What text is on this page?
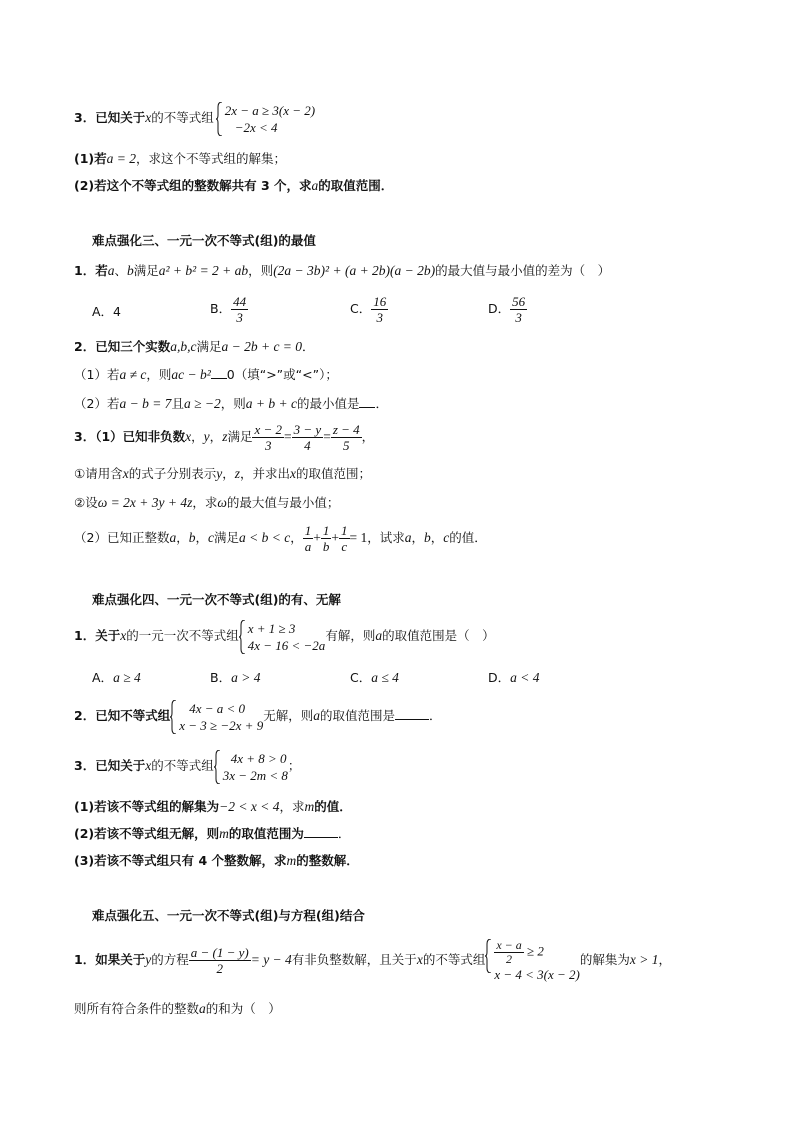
3．已知关于x的不等式组 2x − a ≥ 3(x − 2)
−2x < 4
(1)若a = 2，求这个不等式组的解集；
(2)若这个不等式组的整数解共有 3 个，求a的取值范围．
难点强化三、一元一次不等式(组)的最值
1．若a、b满足a² + b² = 2 + ab，则(2a − 3b)² + (a + 2b)(a − 2b)的最大值与最小值的差为（　）
A．4	B． $\frac{44}{3}$	C． $\frac{16}{3}$	D． $\frac{56}{3}$
2．已知三个实数a,b,c满足a − 2b + c = 0．
（1）若a ≠ c，则ac − b² 0（填“>”或“<”）；
（2）若a − b = 7且a ≥ −2，则a + b + c的最小值是 ．
3．（1）已知非负数x，y，z满足 $\frac{x - 2}{3} = \frac{3 - y}{4} = \frac{z - 4}{5}$ ，
①请用含x的式子分别表示y，z，并求出x的取值范围；
②设ω = 2x + 3y + 4z，求ω的最大值与最小值；
（2）已知正整数a，b，c满足a < b < c， $\frac{1}{a} + \frac{1}{b} + \frac{1}{c} = 1$，试求a，b，c的值．
难点强化四、一元一次不等式(组)的有、无解
1．关于x的一元一次不等式组 x + 1 ≥ 3
4x − 16 < −2a
有解，则a的取值范围是（　）
A．a ≥ 4	B．a > 4	C．a ≤ 4	D．a < 4
2．已知不等式组	4x − a < 0
x − 3 ≥ −2x + 9
无解，则a的取值范围是	．
3．已知关于x的不等式组	4x + 8 > 0
3x − 2m < 8
；
(1)若该不等式组的解集为−2 < x < 4，求m的值．
(2)若该不等式组无解，则m的取值范围为	．
(3)若该不等式组只有 4 个整数解，求m的整数解．
难点强化五、一元一次不等式(组)与方程(组)结合
1．如果关于y的方程 $\frac{a - (1 - y)}{2} = y - 4$有非负整数解，且关于x的不等式组 $\frac{x - a}{2} \ge 2$
x − 4 < 3(x − 2)
的解集为x > 1，
则所有符合条件的整数a的和为（　）
